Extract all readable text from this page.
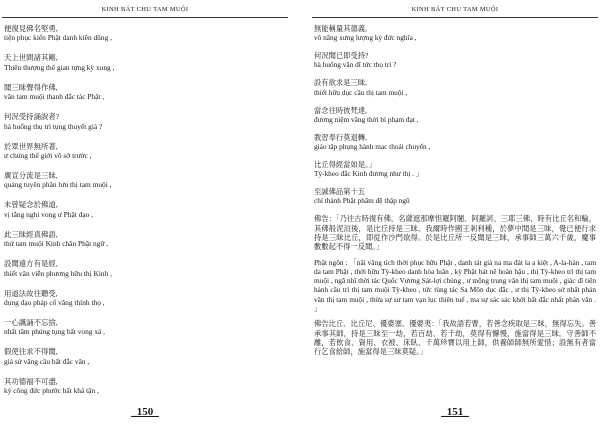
KINH BÁT CHU TAM MUỘI
便復見佛名堅勇,
tiện phục kiến Phật danh kiên dũng ,
天上世間諸其剛,
Thiên thượng thế gian tựng kỳ xung ,
聞三昧聲得作佛,
văn tam muội thanh đắc tác Phật ,
何況受持誦說者?
hà huống thụ trì tụng thuyết giả ?
於眾世界無所著,
ư chúng thế giới vô sở trước ,
廣宣分流是三昧,
quảng tuyên phân lưu thị tam muội ,
未曾疑念於佛道,
vị tằng nghi vong ư Phật đạo ,
此三昧經真佛語,
thử tam muội Kinh chân Phật ngữ ,
設聞遠方有是經,
thiết văn viễn phương hữu thị Kinh ,
用道法故往聽受,
dụng đạo pháp cố vãng thính thọ ,
一心諷誦不忘捨,
nhất tâm phúng tụng bất vong xả ,
假使往求不得聞,
giả sử vãng cầu bất đắc văn ,
其功德福不可盡,
kỳ công đức phước bất khả tận ,
_150_
KINH BÁT CHU TAM MUỘI
無能稱量其德義,
vô năng xưng lượng kỳ đức nghĩa ,
何況聞已即受持?
hà huống văn dĩ tức thọ trì ?
設有欲求是三昧,
thiết hữu dục cầu thị tam muội ,
當念往時彼梵達,
đương niệm vãng thời bỉ phạm đạt ,
教習奉行莫退轉,
giáo tập phụng hành mạc thoái chuyển ,
比丘得經當如是。」
Tỳ-kheo đắc Kinh đương như thị . 」
至誠佛品第十五
chí thành Phật phẩm đệ thập ngũ
佛告：「乃往古時復有佛，名薩遮那摩怛羅阿闍、阿羅訶、三耶三佛，時有比丘名和輪，其佛般泥洹後，是比丘持是三昧。我爾時作國王剎利種，於夢中聞是三昧，覺已便行求持是三昧比丘，即從作沙門欲得。於是比丘所一反聞是三昧，承事師三萬六千歲，魔事數數起不得一反聞。」
Phật ngôn : 「nãi vãng tích thời phục hữu Phật , danh tát già na ma đát la a kiệt , A-la-hán , tam da tam Phật , thời hữu Tỳ-kheo danh hòa luân , kỳ Phật bát nê hoàn hậu , thị Tỳ-kheo trì thị tam muội , ngã nhĩ thời tác Quốc Vương Sát-lợi chủng , ư mộng trung văn thị tam muội , giác dĩ tiện hành cầu trì thị tam muội Tỳ-kheo , tức tùng tác Sa Môn dục đắc , ư thị Tỳ-kheo sở nhất phản văn thị tam muội , thừa sự sư tam vạn lục thiên tuế , ma sự sác sác khởi bất đắc nhất phản văn . 」
佛告比丘、比丘尼、優婆塞、優婆夷：「我故語若曹，若善念疾取是三昧，無得忘失。善承事其師，持是三昧至一劫，若百劫、若千劫，莫得有懈慢，施當得是三昧。守善師不離，若飲食、資用、衣被、床臥、千萬珍寶以用上師，供養師師無所愛惜；設無有者當行乞食給師，施當得是三昧莫疑。」
_151_
